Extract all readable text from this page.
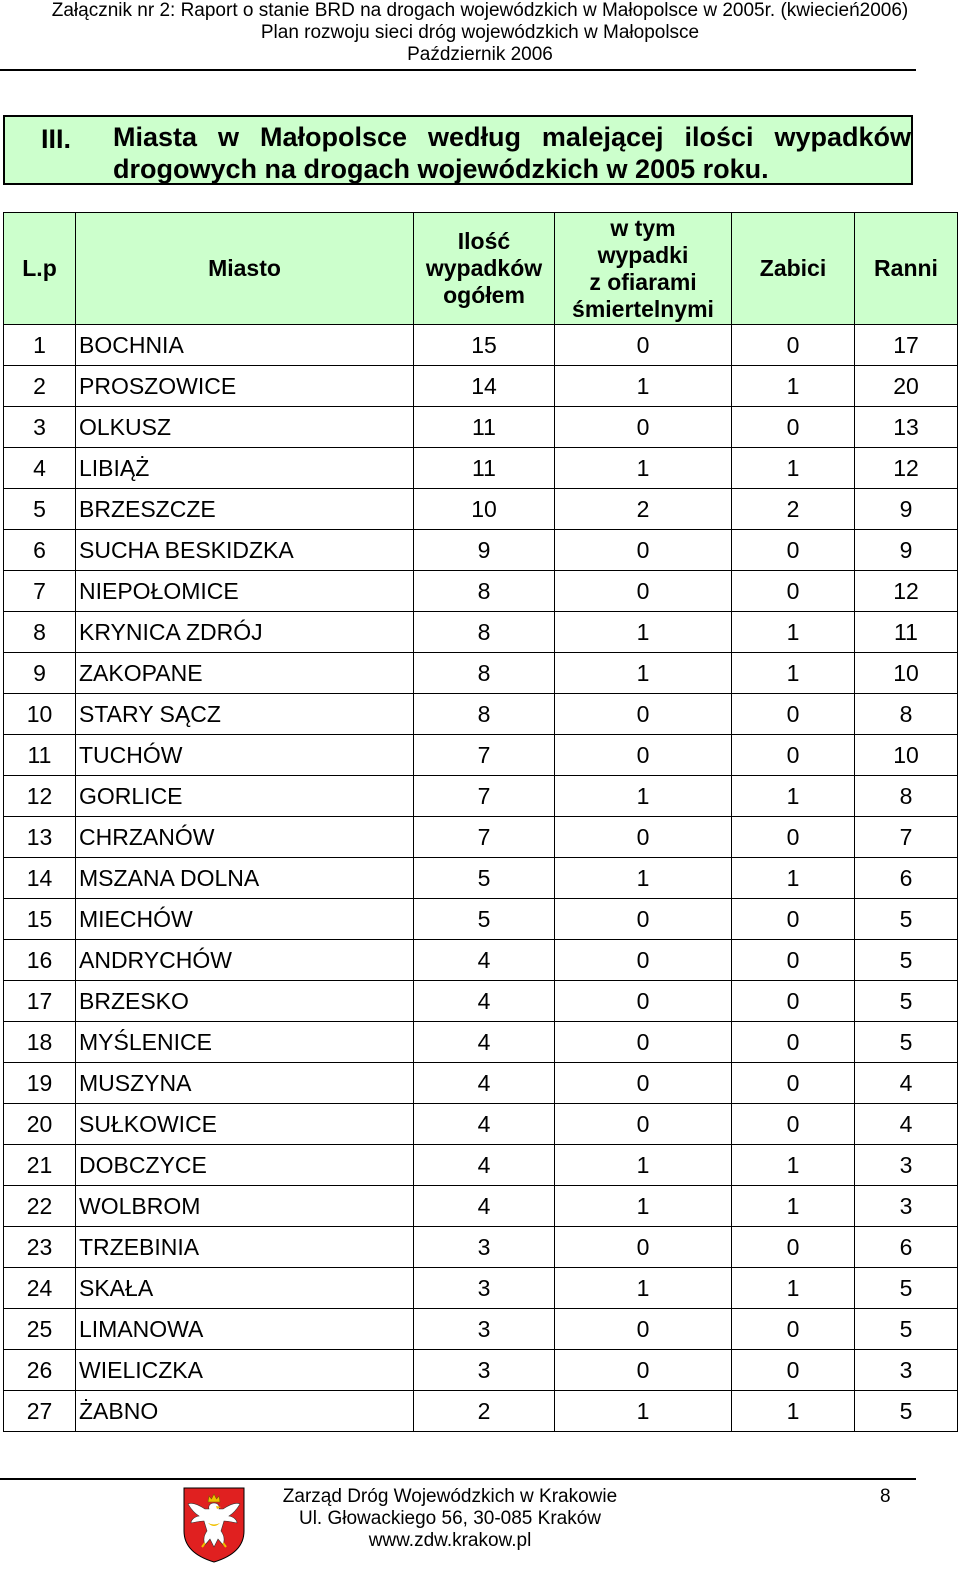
Załącznik nr 2: Raport o stanie BRD na drogach wojewódzkich w Małopolsce w 2005r. (kwiecień2006)
Plan rozwoju sieci dróg wojewódzkich w Małopolsce
Październik 2006
III. Miasta w Małopolsce według malejącej ilości wypadków drogowych na drogach wojewódzkich w 2005 roku.
L.p	Miasto	Ilość
wypadków
ogółem	w tym
wypadki
z ofiarami
śmiertelnymi	Zabici	Ranni
1	BOCHNIA	15	0	0	17
2	PROSZOWICE	14	1	1	20
3	OLKUSZ	11	0	0	13
4	LIBIĄŻ	11	1	1	12
5	BRZESZCZE	10	2	2	9
6	SUCHA BESKIDZKA	9	0	0	9
7	NIEPOŁOMICE	8	0	0	12
8	KRYNICA ZDRÓJ	8	1	1	11
9	ZAKOPANE	8	1	1	10
10	STARY SĄCZ	8	0	0	8
11	TUCHÓW	7	0	0	10
12	GORLICE	7	1	1	8
13	CHRZANÓW	7	0	0	7
14	MSZANA DOLNA	5	1	1	6
15	MIECHÓW	5	0	0	5
16	ANDRYCHÓW	4	0	0	5
17	BRZESKO	4	0	0	5
18	MYŚLENICE	4	0	0	5
19	MUSZYNA	4	0	0	4
20	SUŁKOWICE	4	0	0	4
21	DOBCZYCE	4	1	1	3
22	WOLBROM	4	1	1	3
23	TRZEBINIA	3	0	0	6
24	SKAŁA	3	1	1	5
25	LIMANOWA	3	0	0	5
26	WIELICZKA	3	0	0	3
27	ŻABNO	2	1	1	5
Zarząd Dróg Wojewódzkich w Krakowie
Ul. Głowackiego 56, 30-085 Kraków
www.zdw.krakow.pl
8
